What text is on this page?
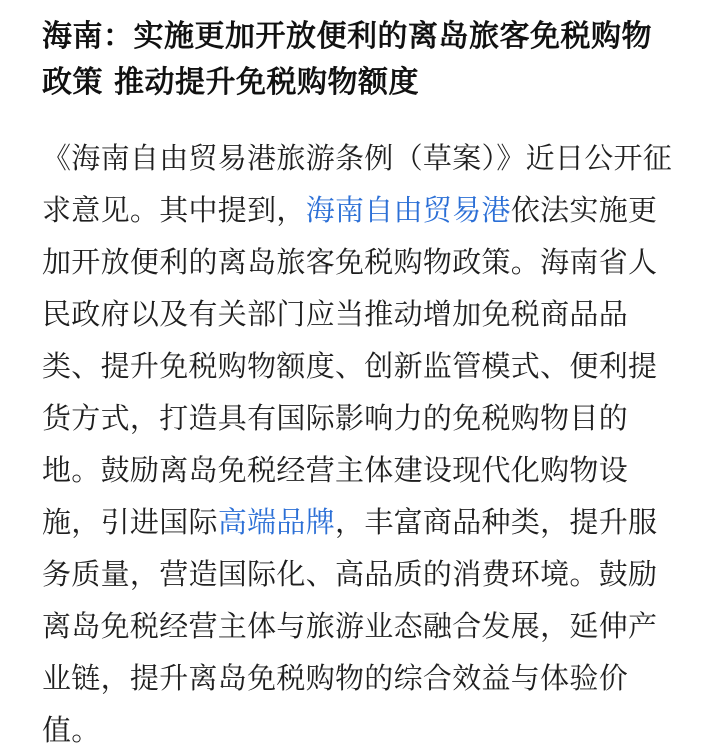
海南：实施更加开放便利的离岛旅客免税购物政策 推动提升免税购物额度

《海南自由贸易港旅游条例（草案）》近日公开征求意见。其中提到，海南自由贸易港依法实施更加开放便利的离岛旅客免税购物政策。海南省人民政府以及有关部门应当推动增加免税商品品类、提升免税购物额度、创新监管模式、便利提货方式，打造具有国际影响力的免税购物目的地。鼓励离岛免税经营主体建设现代化购物设施，引进国际高端品牌，丰富商品种类，提升服务质量，营造国际化、高品质的消费环境。鼓励离岛免税经营主体与旅游业态融合发展，延伸产业链，提升离岛免税购物的综合效益与体验价值。
